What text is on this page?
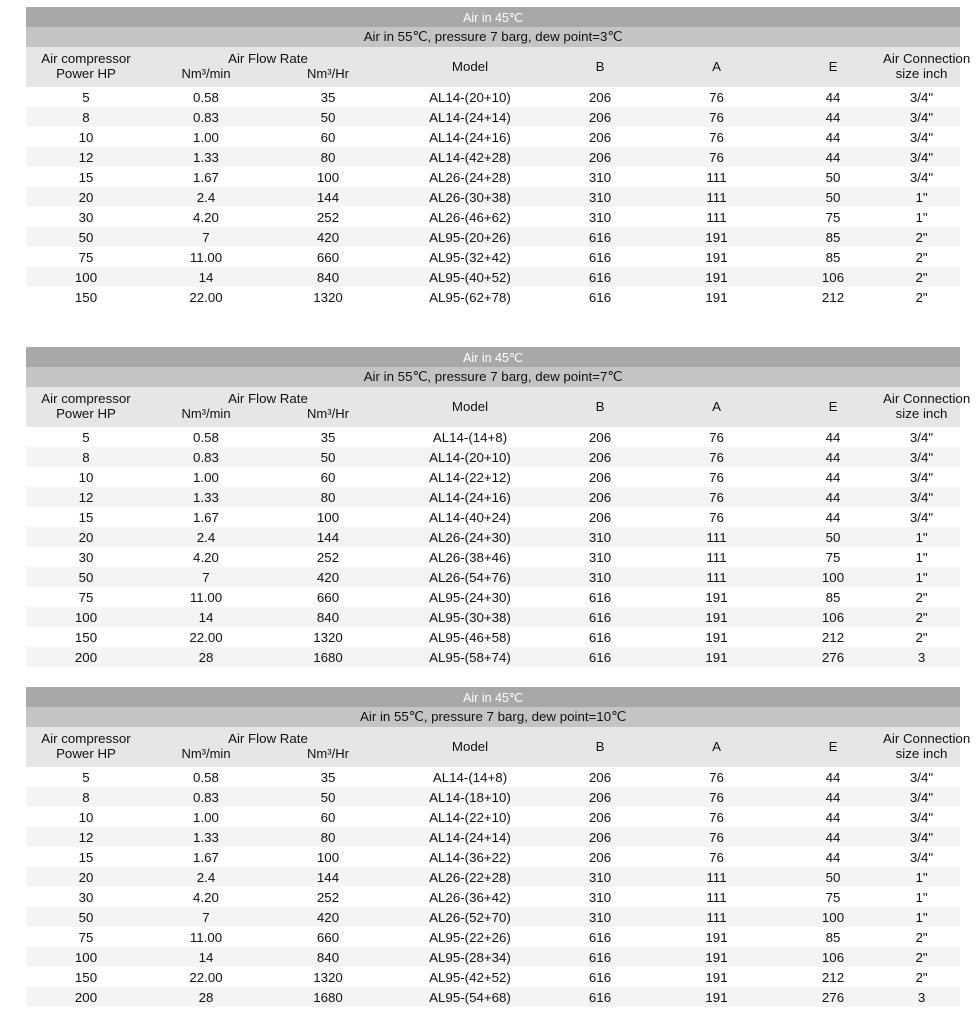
Air in 45℃							
Air in 55℃, pressure 7 barg, dew point=3℃							
Air compressor	Air Flow Rate		Model	B	A	E	Air Connection
Power HP	Nm³/min	Nm³/Hr					size inch
5	0.58	35	AL14-(20+10)	206	76	44	3/4"
8	0.83	50	AL14-(24+14)	206	76	44	3/4"
10	1.00	60	AL14-(24+16)	206	76	44	3/4"
12	1.33	80	AL14-(42+28)	206	76	44	3/4"
15	1.67	100	AL26-(24+28)	310	111	50	3/4"
20	2.4	144	AL26-(30+38)	310	111	50	1"
30	4.20	252	AL26-(46+62)	310	111	75	1"
50	7	420	AL95-(20+26)	616	191	85	2"
75	11.00	660	AL95-(32+42)	616	191	85	2"
100	14	840	AL95-(40+52)	616	191	106	2"
150	22.00	1320	AL95-(62+78)	616	191	212	2"
Air in 45℃							
Air in 55℃, pressure 7 barg, dew point=7℃							
Air compressor	Air Flow Rate		Model	B	A	E	Air Connection
Power HP	Nm³/min	Nm³/Hr					size inch
5	0.58	35	AL14-(14+8)	206	76	44	3/4"
8	0.83	50	AL14-(20+10)	206	76	44	3/4"
10	1.00	60	AL14-(22+12)	206	76	44	3/4"
12	1.33	80	AL14-(24+16)	206	76	44	3/4"
15	1.67	100	AL14-(40+24)	206	76	44	3/4"
20	2.4	144	AL26-(24+30)	310	111	50	1"
30	4.20	252	AL26-(38+46)	310	111	75	1"
50	7	420	AL26-(54+76)	310	111	100	1"
75	11.00	660	AL95-(24+30)	616	191	85	2"
100	14	840	AL95-(30+38)	616	191	106	2"
150	22.00	1320	AL95-(46+58)	616	191	212	2"
200	28	1680	AL95-(58+74)	616	191	276	3
Air in 45℃							
Air in 55℃, pressure 7 barg, dew point=10℃							
Air compressor	Air Flow Rate		Model	B	A	E	Air Connection
Power HP	Nm³/min	Nm³/Hr					size inch
5	0.58	35	AL14-(14+8)	206	76	44	3/4"
8	0.83	50	AL14-(18+10)	206	76	44	3/4"
10	1.00	60	AL14-(22+10)	206	76	44	3/4"
12	1.33	80	AL14-(24+14)	206	76	44	3/4"
15	1.67	100	AL14-(36+22)	206	76	44	3/4"
20	2.4	144	AL26-(22+28)	310	111	50	1"
30	4.20	252	AL26-(36+42)	310	111	75	1"
50	7	420	AL26-(52+70)	310	111	100	1"
75	11.00	660	AL95-(22+26)	616	191	85	2"
100	14	840	AL95-(28+34)	616	191	106	2"
150	22.00	1320	AL95-(42+52)	616	191	212	2"
200	28	1680	AL95-(54+68)	616	191	276	3
